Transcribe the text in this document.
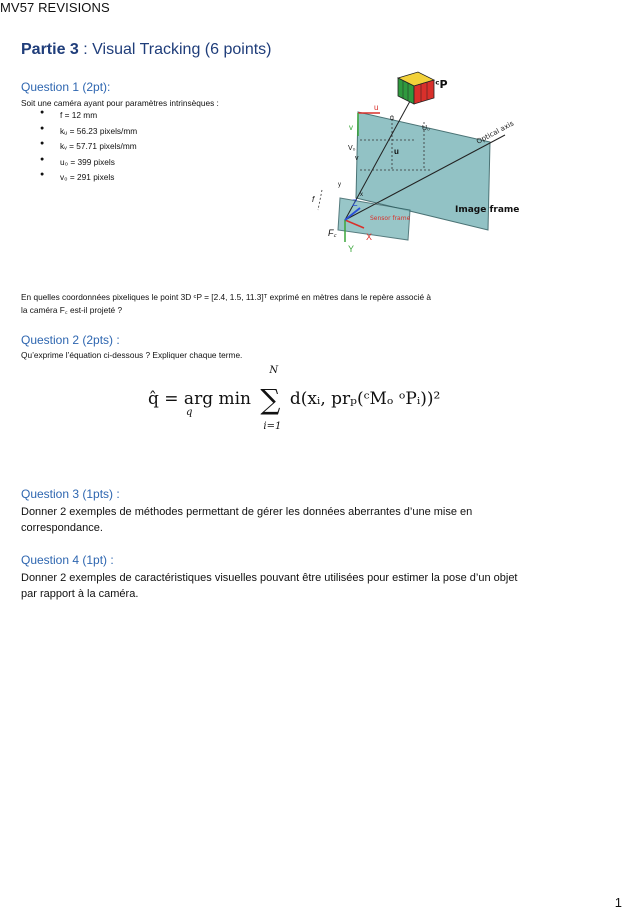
MV57 REVISIONS
Partie 3 : Visual Tracking (6 points)
Question 1 (2pt):
Soit une caméra ayant pour paramètres intrinsèques :
● f = 12 mm
● kᵤ = 56.23 pixels/mm
● kᵥ = 57.71 pixels/mm
● u₀ = 399 pixels
● v₀ = 291 pixels
ᶜP
Optical axis
Image frame
Sensor frame
u
v
u
v
U₀
V₀	u
f	x
y
X
Y
Z
F꜀
En quelles coordonnées pixeliques le point 3D ᶜP = [2.4, 1.5, 11.3]ᵀ exprimé en mètres dans le repère associé à
la caméra F꜀ est-il projeté ?
Question 2 (2pts) :
Qu’exprime l’équation ci-dessous ? Expliquer chaque terme.
q̂ = arg min
q ∑
N
i=1
d(xᵢ, prₚ(ᶜMₒ ᵒPᵢ))²
Question 3 (1pts) :
Donner 2 exemples de méthodes permettant de gérer les données aberrantes d’une mise en correspondance.
Question 4 (1pt) :
Donner 2 exemples de caractéristiques visuelles pouvant être utilisées pour estimer la pose d’un objet par rapport à la caméra.
1
